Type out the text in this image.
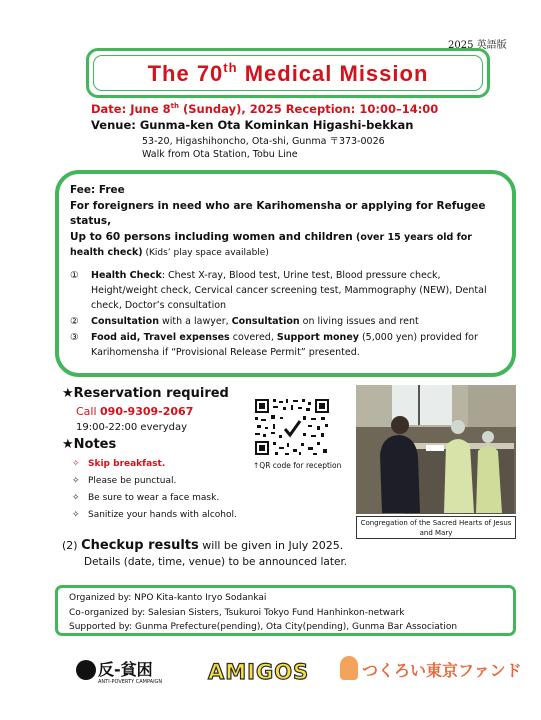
2025 英語版
The 70th Medical Mission
Date: June 8th (Sunday), 2025 Reception: 10:00–14:00
Venue: Gunma-ken Ota Kominkan Higashi-bekkan
53-20, Higashihoncho, Ota-shi, Gunma 〒373-0026
Walk from Ota Station, Tobu Line
Fee: Free
For foreigners in need who are Karihomensha or applying for Refugee status,
Up to 60 persons including women and children (over 15 years old for
health check) (Kids’ play space available)
①	Health Check: Chest X-ray, Blood test, Urine test, Blood pressure check, Height/weight check, Cervical cancer screening test, Mammography (NEW), Dental check, Doctor’s consultation
②	Consultation with a lawyer, Consultation on living issues and rent
③	Food aid, Travel expenses covered, Support money (5,000 yen) provided for Karihomensha if “Provisional Release Permit” presented.
★Reservation required
Call 090-9309-2067
19:00-22:00 everyday
★Notes
✧ Skip breakfast.
✧ Please be punctual.
✧ Be sure to wear a face mask.
✧ Sanitize your hands with alcohol.
↑QR code for reception
Congregation of the Sacred Hearts of Jesus and Mary
(2) Checkup results will be given in July 2025.
Details (date, time, venue) to be announced later.
Organized by: NPO Kita-kanto Iryo Sodankai
Co-organized by: Salesian Sisters, Tsukuroi Tokyo Fund Hanhinkon-netwark
Supported by: Gunma Prefecture(pending), Ota City(pending), Gunma Bar Association
反-貧困
ANTI-POVERTY CAMPAIGN AMIGOS	つくろい東京ファンド
